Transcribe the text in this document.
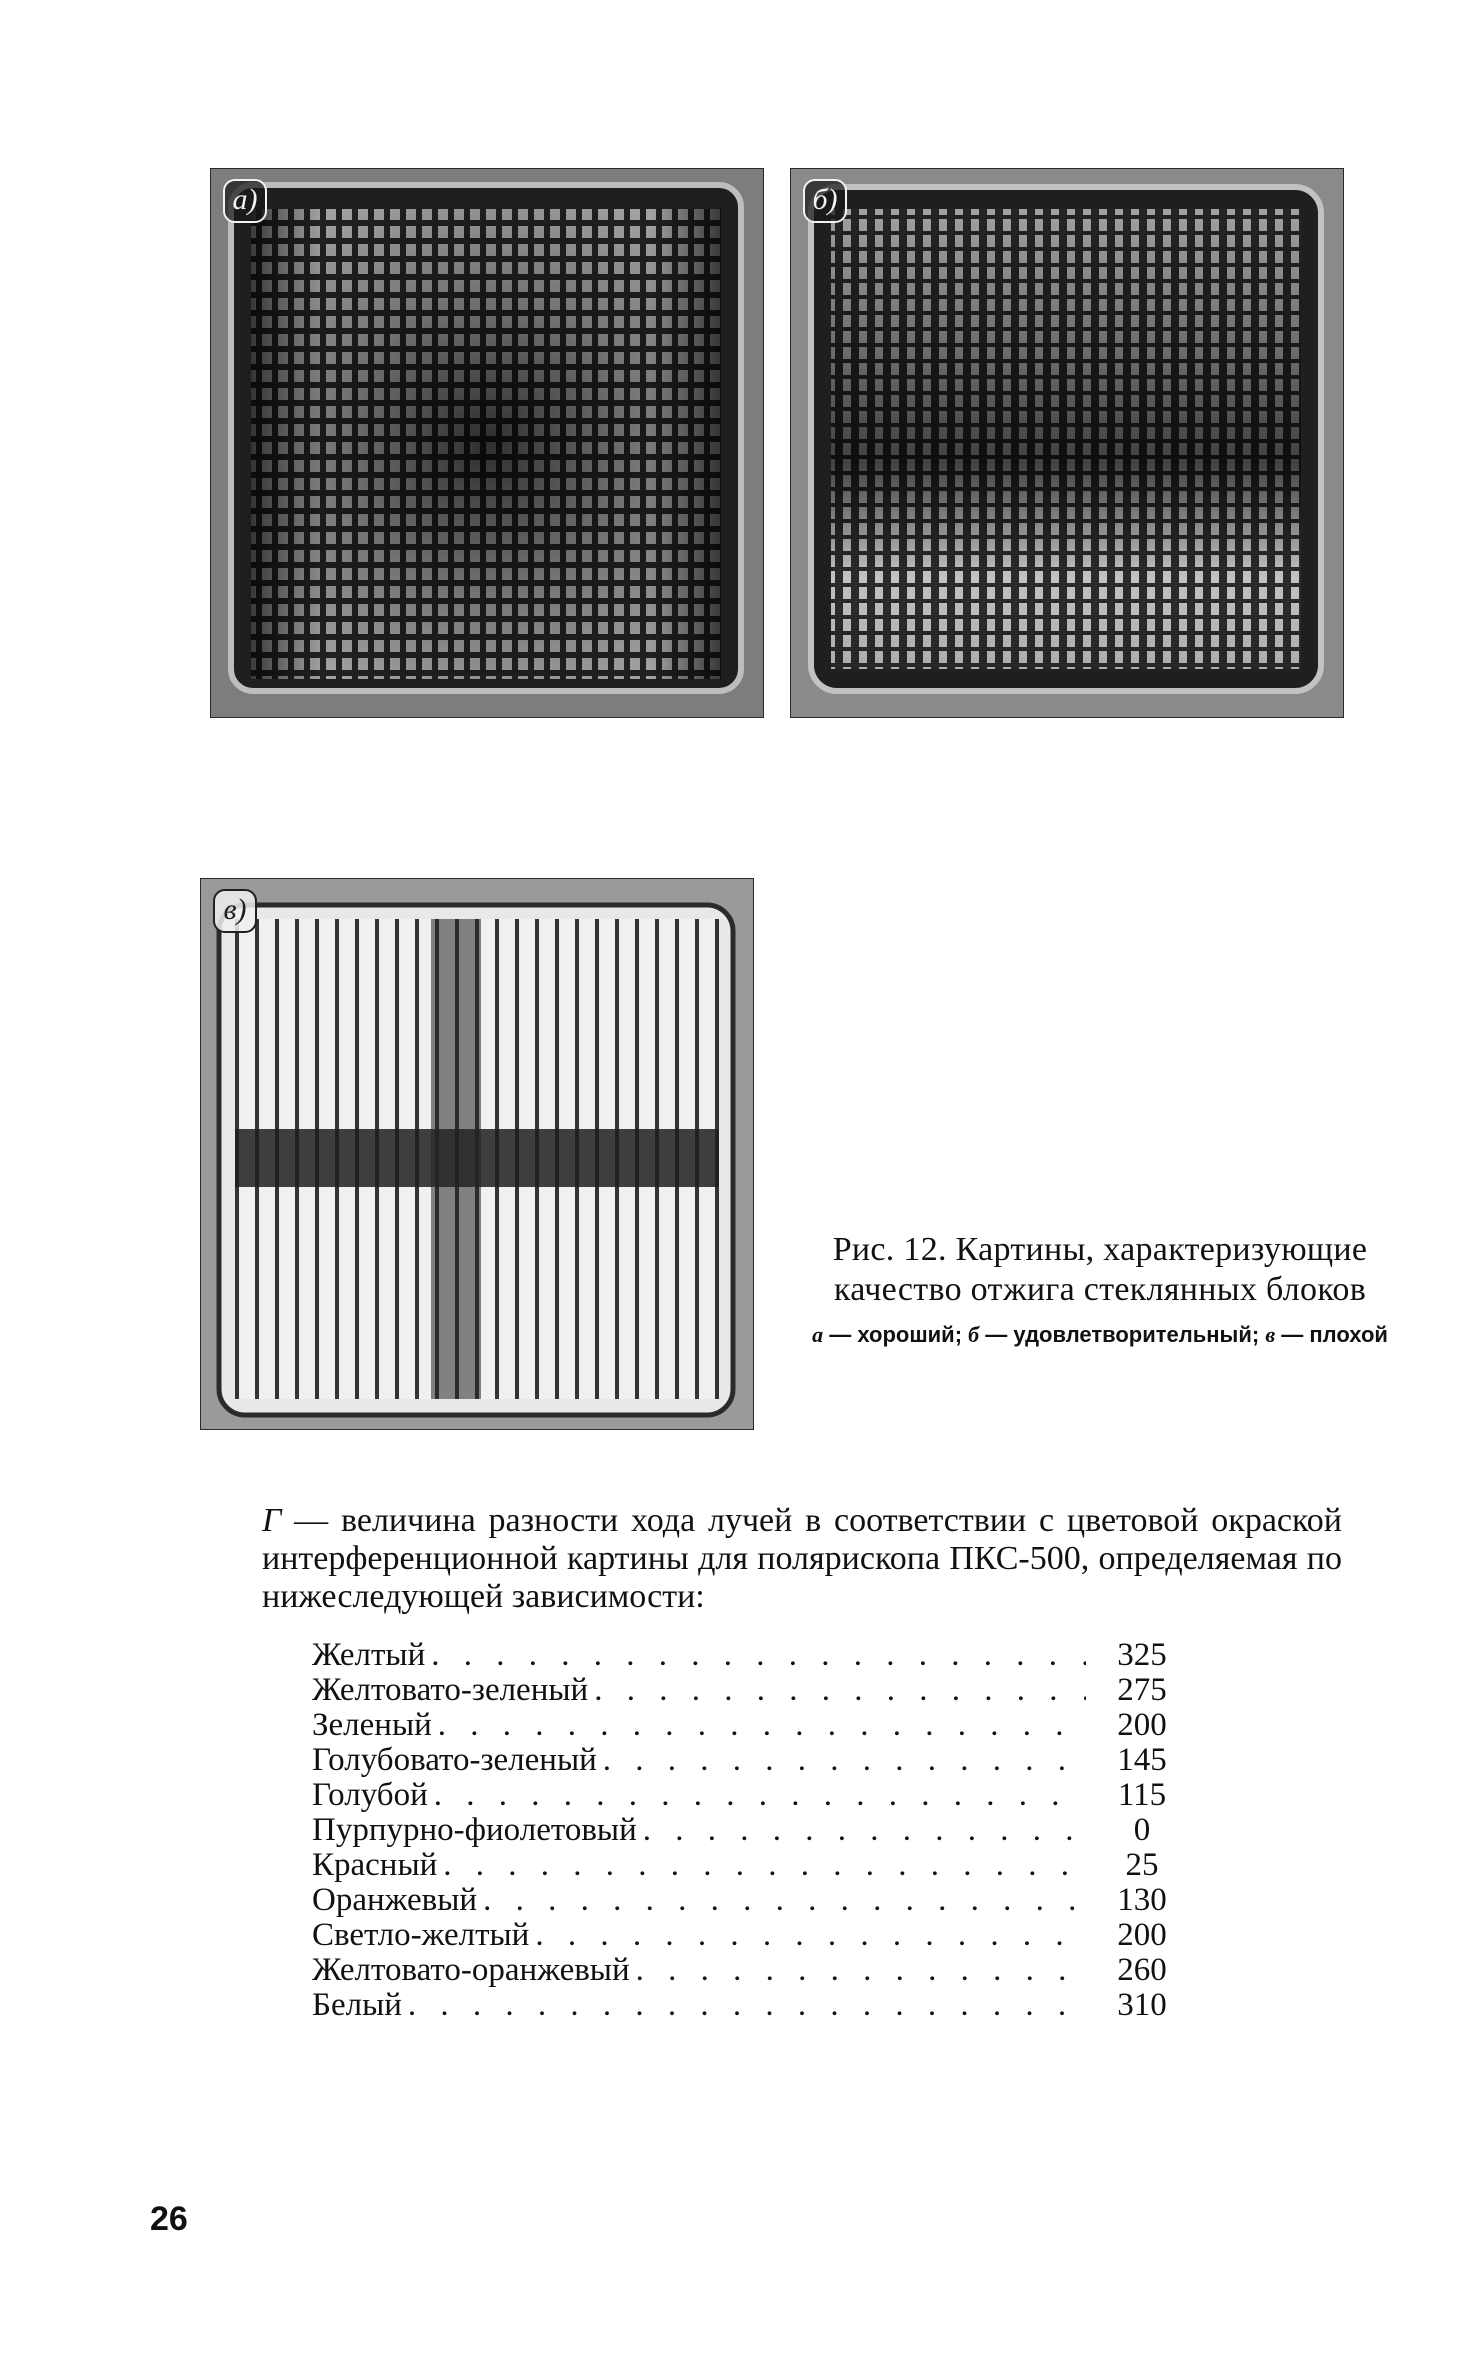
а)	б)
в)
Рис. 12. Картины, характеризующие качество отжига стеклянных блоков
а — хороший; б — удовлетворительный; в — плохой
Г — величина разности хода лучей в соответствии с цветовой окраской интерференционной картины для полярископа ПКС-500, определяемая по нижеследующей зависимости:
Желтый . . .	325
Желтовато-зеленый . . .	275
Зеленый . . .	200
Голубовато-зеленый . . .	145
Голубой . . .	115
Пурпурно-фиолетовый . . .	0
Красный . . .	25
Оранжевый . . .	130
Светло-желтый . . .	200
Желтовато-оранжевый . . .	260
Белый . . .	310
26
